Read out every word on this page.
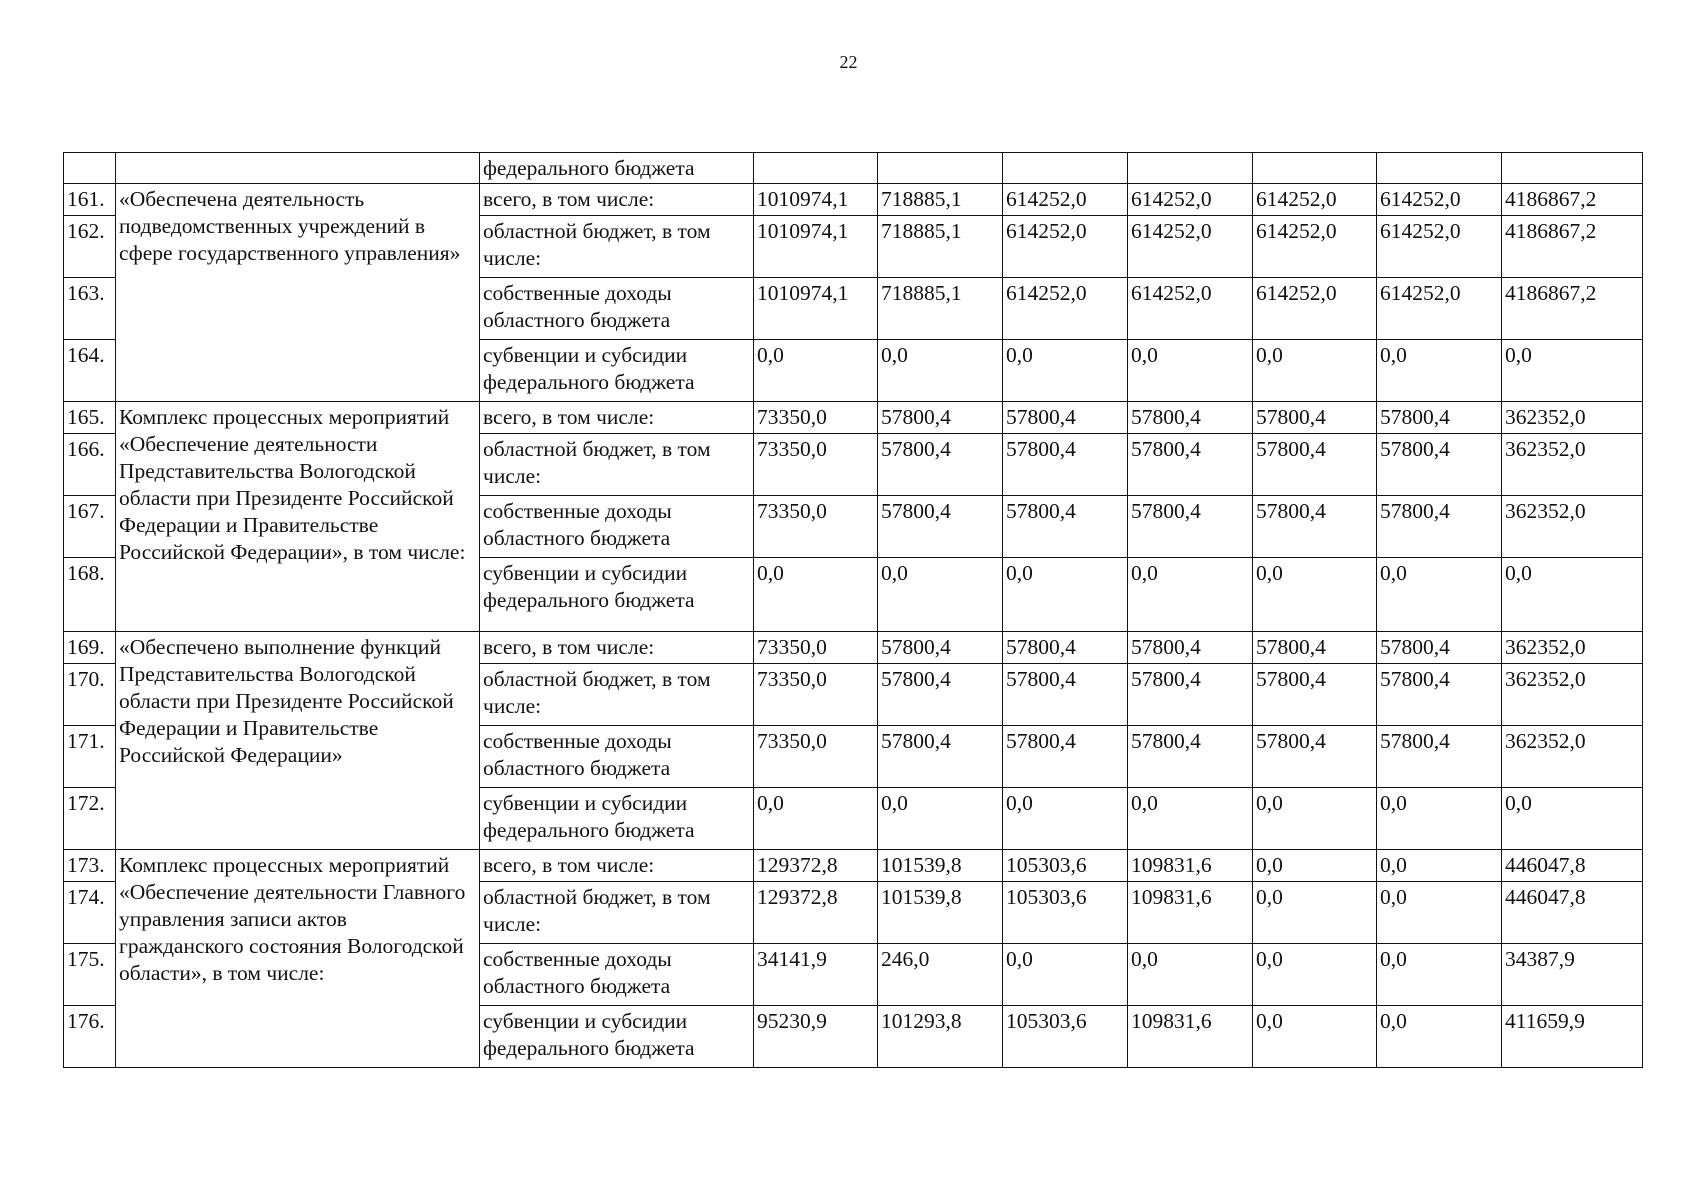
22
		федерального бюджета							
161.	«Обеспечена деятельность подведомственных учреждений в сфере государственного управления»	всего, в том числе:	1010974,1	718885,1	614252,0	614252,0	614252,0	614252,0	4186867,2
162.		областной бюджет, в том числе:	1010974,1	718885,1	614252,0	614252,0	614252,0	614252,0	4186867,2
163.		собственные доходы областного бюджета	1010974,1	718885,1	614252,0	614252,0	614252,0	614252,0	4186867,2
164.		субвенции и субсидии федерального бюджета	0,0	0,0	0,0	0,0	0,0	0,0	0,0
165.	Комплекс процессных мероприятий «Обеспечение деятельности Представительства Вологодской области при Президенте Российской Федерации и Правительстве Российской Федерации», в том числе:	всего, в том числе:	73350,0	57800,4	57800,4	57800,4	57800,4	57800,4	362352,0
166.		областной бюджет, в том числе:	73350,0	57800,4	57800,4	57800,4	57800,4	57800,4	362352,0
167.		собственные доходы областного бюджета	73350,0	57800,4	57800,4	57800,4	57800,4	57800,4	362352,0
168.		субвенции и субсидии федерального бюджета	0,0	0,0	0,0	0,0	0,0	0,0	0,0
169.	«Обеспечено выполнение функций Представительства Вологодской области при Президенте Российской Федерации и Правительстве Российской Федерации»	всего, в том числе:	73350,0	57800,4	57800,4	57800,4	57800,4	57800,4	362352,0
170.		областной бюджет, в том числе:	73350,0	57800,4	57800,4	57800,4	57800,4	57800,4	362352,0
171.		собственные доходы областного бюджета	73350,0	57800,4	57800,4	57800,4	57800,4	57800,4	362352,0
172.		субвенции и субсидии федерального бюджета	0,0	0,0	0,0	0,0	0,0	0,0	0,0
173.	Комплекс процессных мероприятий «Обеспечение деятельности Главного управления записи актов гражданского состояния Вологодской области», в том числе:	всего, в том числе:	129372,8	101539,8	105303,6	109831,6	0,0	0,0	446047,8
174.		областной бюджет, в том числе:	129372,8	101539,8	105303,6	109831,6	0,0	0,0	446047,8
175.		собственные доходы областного бюджета	34141,9	246,0	0,0	0,0	0,0	0,0	34387,9
176.		субвенции и субсидии федерального бюджета	95230,9	101293,8	105303,6	109831,6	0,0	0,0	411659,9
